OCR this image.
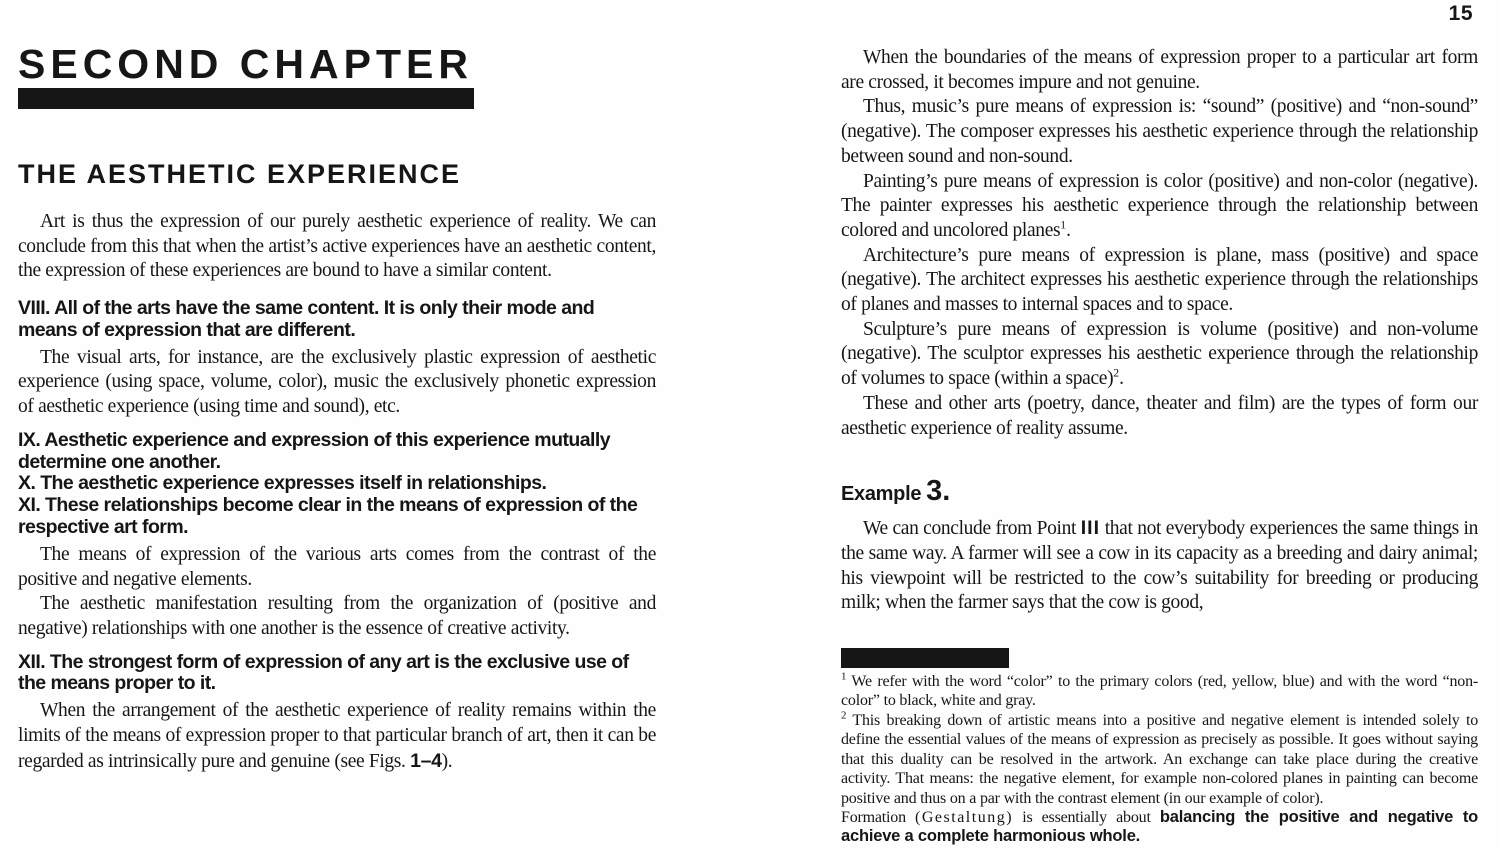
15
SECOND CHAPTER
THE AESTHETIC EXPERIENCE

Art is thus the expression of our purely aesthetic experience of reality. We can conclude from this that when the artist’s active experiences have an aesthetic content, the expression of these experiences are bound to have a similar content.

VIII. All of the arts have the same content. It is only their mode and means of expression that are different.

The visual arts, for instance, are the exclusively plastic expression of aesthetic experience (using space, volume, color), music the exclusively phonetic expression of aesthetic experience (using time and sound), etc.

IX. Aesthetic experience and expression of this experience mutually determine one another.
X. The aesthetic experience expresses itself in relationships.
XI. These relationships become clear in the means of expression of the respective art form.

The means of expression of the various arts comes from the contrast of the positive and negative elements.

The aesthetic manifestation resulting from the organization of (positive and negative) relationships with one another is the essence of creative activity.

XII. The strongest form of expression of any art is the exclusive use of the means proper to it.

When the arrangement of the aesthetic experience of reality remains within the limits of the means of expression proper to that particular branch of art, then it can be regarded as intrinsically pure and genuine (see Figs. 1–4).

When the boundaries of the means of expression proper to a particular art form are crossed, it becomes impure and not genuine.

Thus, music’s pure means of expression is: “sound” (positive) and “non-sound” (negative). The composer expresses his aesthetic experience through the relationship between sound and non-sound.

Painting’s pure means of expression is color (positive) and non-color (negative). The painter expresses his aesthetic experience through the relationship between colored and uncolored planes$^1$.

Architecture’s pure means of expression is plane, mass (positive) and space (negative). The architect expresses his aesthetic experience through the relationships of planes and masses to internal spaces and to space.

Sculpture’s pure means of expression is volume (positive) and non-volume (negative). The sculptor expresses his aesthetic experience through the relationship of volumes to space (within a space)$^2$.

These and other arts (poetry, dance, theater and film) are the types of form our aesthetic experience of reality assume.

Example 3.

We can conclude from Point III that not everybody experiences the same things in the same way. A farmer will see a cow in its capacity as a breeding and dairy animal; his viewpoint will be restricted to the cow’s suitability for breeding or producing milk; when the farmer says that the cow is good,

$^1$ We refer with the word “color” to the primary colors (red, yellow, blue) and with the word “non-color” to black, white and gray.

$^2$ This breaking down of artistic means into a positive and negative element is intended solely to define the essential values of the means of expression as precisely as possible. It goes without saying that this duality can be resolved in the artwork. An exchange can take place during the creative activity. That means: the negative element, for example non-colored planes in painting can become positive and thus on a par with the contrast element (in our example of color).

Formation (Gestaltung) is essentially about balancing the positive and negative to achieve a complete harmonious whole.
